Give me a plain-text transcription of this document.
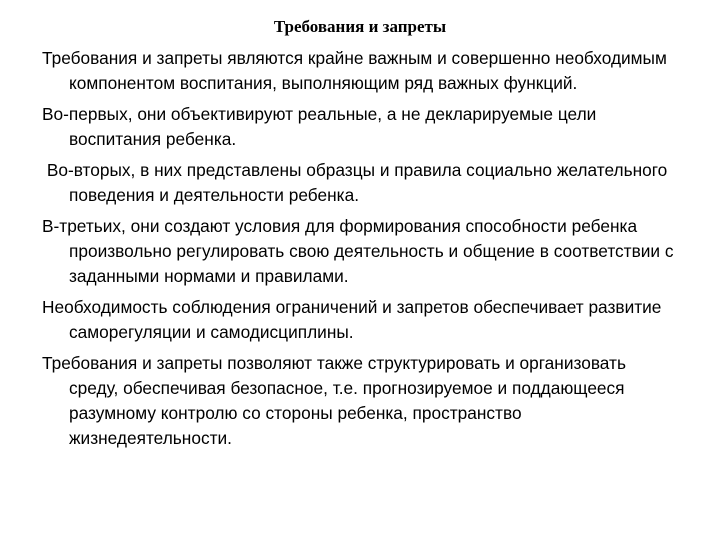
Требования и запреты

Требования и запреты являются крайне важным и совершенно необходимым компонентом воспитания, выполняющим ряд важных функций.

Во-первых, они объективируют реальные, а не декларируемые цели воспитания ребенка.

Во-вторых, в них представлены образцы и правила социально желательного поведения и деятельности ребенка.

В-третьих, они создают условия для формирования способности ребенка произвольно регулировать свою деятельность и общение в соответствии с заданными нормами и правилами.

Необходимость соблюдения ограничений и запретов обеспечивает развитие саморегуляции и самодисциплины.

Требования и запреты позволяют также структурировать и организовать среду, обеспечивая безопасное, т.е. прогнозируемое и поддающееся разумному контролю со стороны ребенка, пространство жизнедеятельности.
